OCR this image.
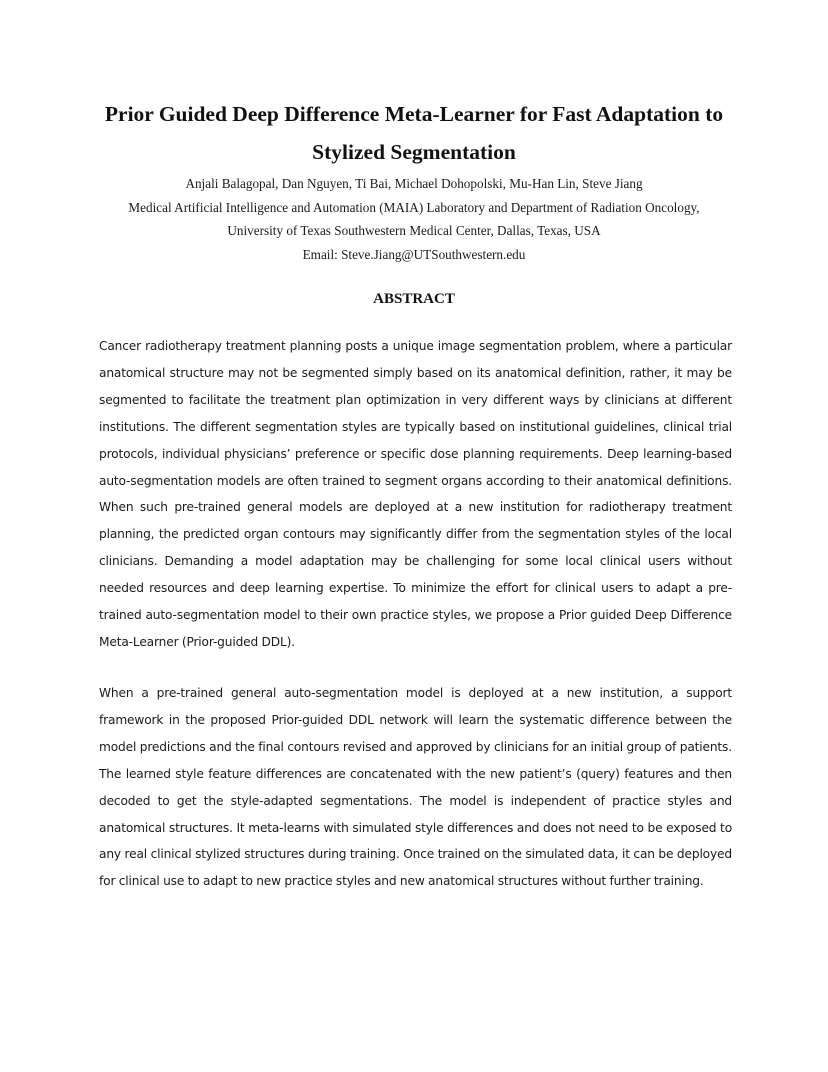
Prior Guided Deep Difference Meta-Learner for Fast Adaptation to
Stylized Segmentation
Anjali Balagopal, Dan Nguyen, Ti Bai, Michael Dohopolski, Mu-Han Lin, Steve Jiang
Medical Artificial Intelligence and Automation (MAIA) Laboratory and Department of Radiation Oncology,
University of Texas Southwestern Medical Center, Dallas, Texas, USA
Email: Steve.Jiang@UTSouthwestern.edu
ABSTRACT

Cancer radiotherapy treatment planning posts a unique image segmentation problem, where a particular anatomical structure may not be segmented simply based on its anatomical definition, rather, it may be segmented to facilitate the treatment plan optimization in very different ways by clinicians at different institutions. The different segmentation styles are typically based on institutional guidelines, clinical trial protocols, individual physicians’ preference or specific dose planning requirements. Deep learning-based auto-segmentation models are often trained to segment organs according to their anatomical definitions. When such pre-trained general models are deployed at a new institution for radiotherapy treatment planning, the predicted organ contours may significantly differ from the segmentation styles of the local clinicians. Demanding a model adaptation may be challenging for some local clinical users without needed resources and deep learning expertise. To minimize the effort for clinical users to adapt a pre-trained auto-segmentation model to their own practice styles, we propose a Prior guided Deep Difference Meta-Learner (Prior-guided DDL).

When a pre-trained general auto-segmentation model is deployed at a new institution, a support framework in the proposed Prior-guided DDL network will learn the systematic difference between the model predictions and the final contours revised and approved by clinicians for an initial group of patients. The learned style feature differences are concatenated with the new patient’s (query) features and then decoded to get the style-adapted segmentations. The model is independent of practice styles and anatomical structures. It meta-learns with simulated style differences and does not need to be exposed to any real clinical stylized structures during training. Once trained on the simulated data, it can be deployed for clinical use to adapt to new practice styles and new anatomical structures without further training.
